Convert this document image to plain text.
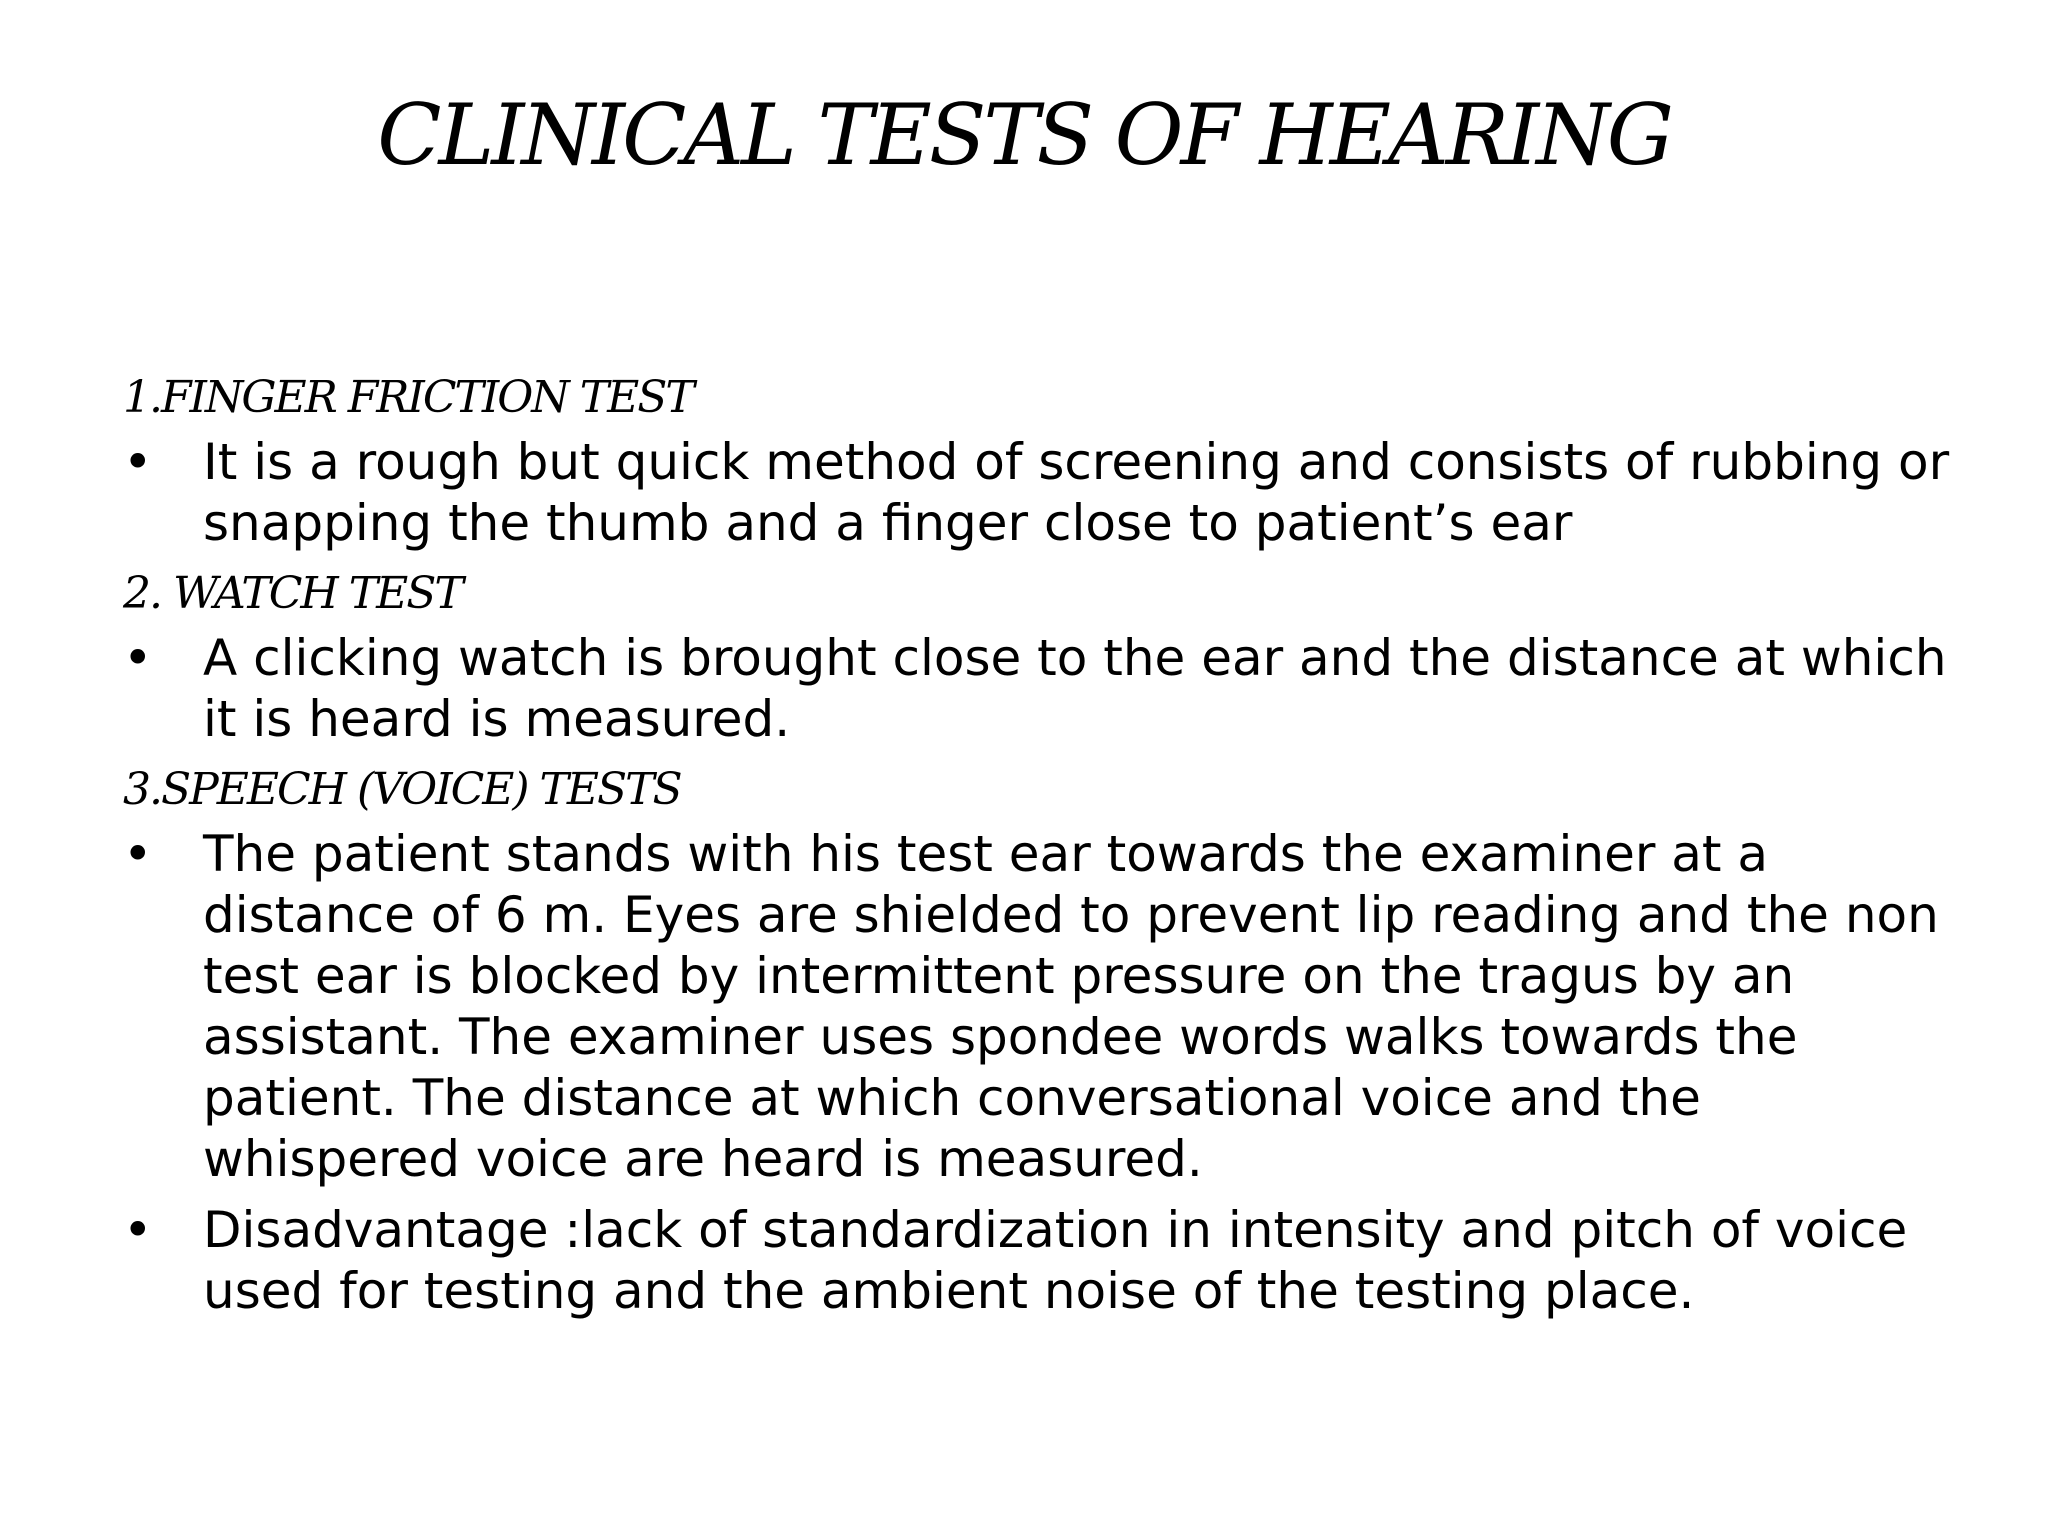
CLINICAL TESTS OF HEARING

1.FINGER FRICTION TEST

• It is a rough but quick method of screening and consists of rubbing or snapping the thumb and a finger close to patient’s ear

2. WATCH TEST

• A clicking watch is brought close to the ear and the distance at which it is heard is measured.

3.SPEECH (VOICE) TESTS

• The patient stands with his test ear towards the examiner at a distance of 6 m. Eyes are shielded to prevent lip reading and the non test ear is blocked by intermittent pressure on the tragus by an assistant. The examiner uses spondee words walks towards the patient. The distance at which conversational voice and the whispered voice are heard is measured.
• Disadvantage :lack of standardization in intensity and pitch of voice used for testing and the ambient noise of the testing place.
